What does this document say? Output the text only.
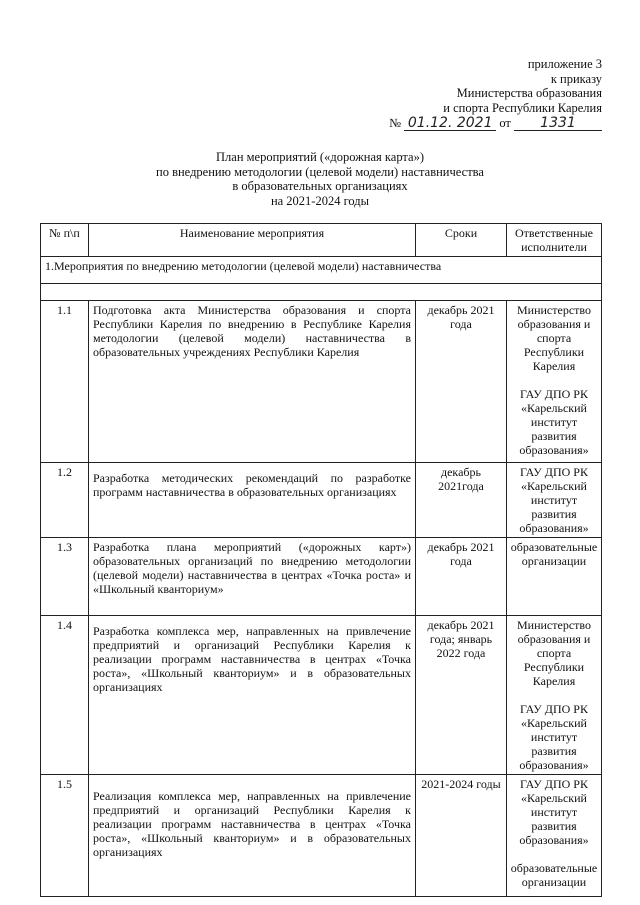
приложение 3
к приказу
Министерства образования
и спорта Республики Карелия
№ 01.12. 2021 от 1331
План мероприятий («дорожная карта»)
по внедрению методологии (целевой модели) наставничества
в образовательных организациях
на 2021-2024 годы
№ п\п	Наименование мероприятия	Сроки	Ответственные исполнители
1.Мероприятия по внедрению методологии (целевой модели) наставничества			

1.1	Подготовка акта Министерства образования и спорта Республики Карелия по внедрению в Республике Карелия методологии (целевой модели) наставничества в образовательных учреждениях Республики Карелия	декабрь 2021 года	Министерство образования и спорта Республики Карелия
ГАУ ДПО РК «Карельский институт развития образования»

1.2	Разработка методических рекомендаций по разработке программ наставничества в образовательных организациях	декабрь 2021года	ГАУ ДПО РК «Карельский институт развития образования»
1.3	Разработка плана мероприятий («дорожных карт») образовательных организаций по внедрению методологии (целевой модели) наставничества в центрах «Точка роста» и «Школьный кванториум»	декабрь 2021 года	образовательные организации
1.4	Разработка комплекса мер, направленных на привлечение предприятий и организаций Республики Карелия к реализации программ наставничества в центрах «Точка роста», «Школьный кванториум» и в образовательных организациях	декабрь 2021 года; январь 2022 года	Министерство образования и спорта Республики Карелия
ГАУ ДПО РК «Карельский институт развития образования»

1.5	Реализация комплекса мер, направленных на привлечение предприятий и организаций Республики Карелия к реализации программ наставничества в центрах «Точка роста», «Школьный кванториум» и в образовательных организациях	2021-2024 годы	ГАУ ДПО РК «Карельский институт развития образования»
образовательные организации
